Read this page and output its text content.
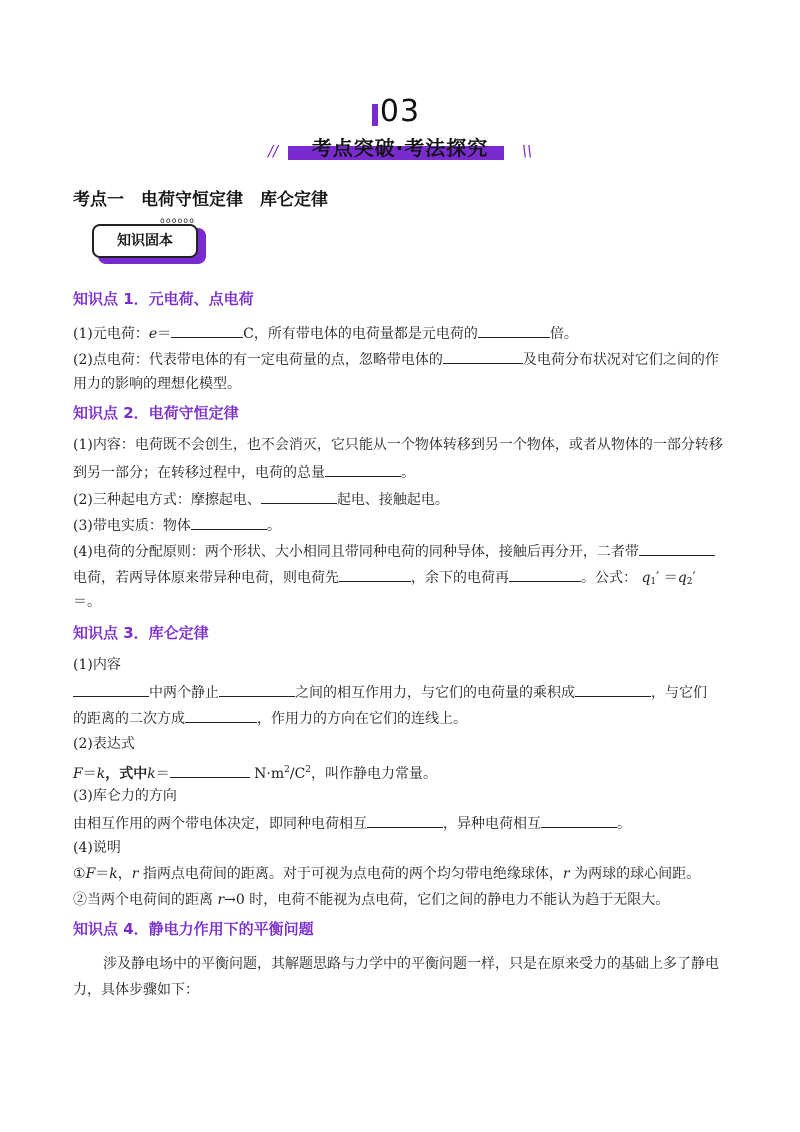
03
//	考点突破·考法探究	\\
考点一　电荷守恒定律　库仑定律
知识固本
oooooo
知识点 1．元电荷、点电荷
(1)元电荷：e＝	C，所有带电体的电荷量都是元电荷的	倍。
(2)点电荷：代表带电体的有一定电荷量的点，忽略带电体的	及电荷分布状况对它们之间的作
用力的影响的理想化模型。
知识点 2．电荷守恒定律
(1)内容：电荷既不会创生，也不会消灭，它只能从一个物体转移到另一个物体，或者从物体的一部分转移
到另一部分；在转移过程中，电荷的总量	。
(2)三种起电方式：摩擦起电、	起电、接触起电。
(3)带电实质：物体	。
(4)电荷的分配原则：两个形状、大小相同且带同种电荷的同种导体，接触后再分开，二者带
电荷，若两导体原来带异种电荷，则电荷先	，余下的电荷再	。公式： $q_1' =q_2'$
＝。
知识点 3．库仑定律
(1)内容
中两个静止	之间的相互作用力，与它们的电荷量的乘积成	，与它们
的距离的二次方成	，作用力的方向在它们的连线上。
(2)表达式
F＝k，式中k＝	$N\cdot m^2/C^2$，叫作静电力常量。
(3)库仑力的方向
由相互作用的两个带电体决定，即同种电荷相互	，异种电荷相互	。
(4)说明
①F＝k，r 指两点电荷间的距离。对于可视为点电荷的两个均匀带电绝缘球体，r 为两球的球心间距。
②当两个电荷间的距离 r→0 时，电荷不能视为点电荷，它们之间的静电力不能认为趋于无限大。
知识点 4．静电力作用下的平衡问题
涉及静电场中的平衡问题，其解题思路与力学中的平衡问题一样，只是在原来受力的基础上多了静电
力，具体步骤如下：
